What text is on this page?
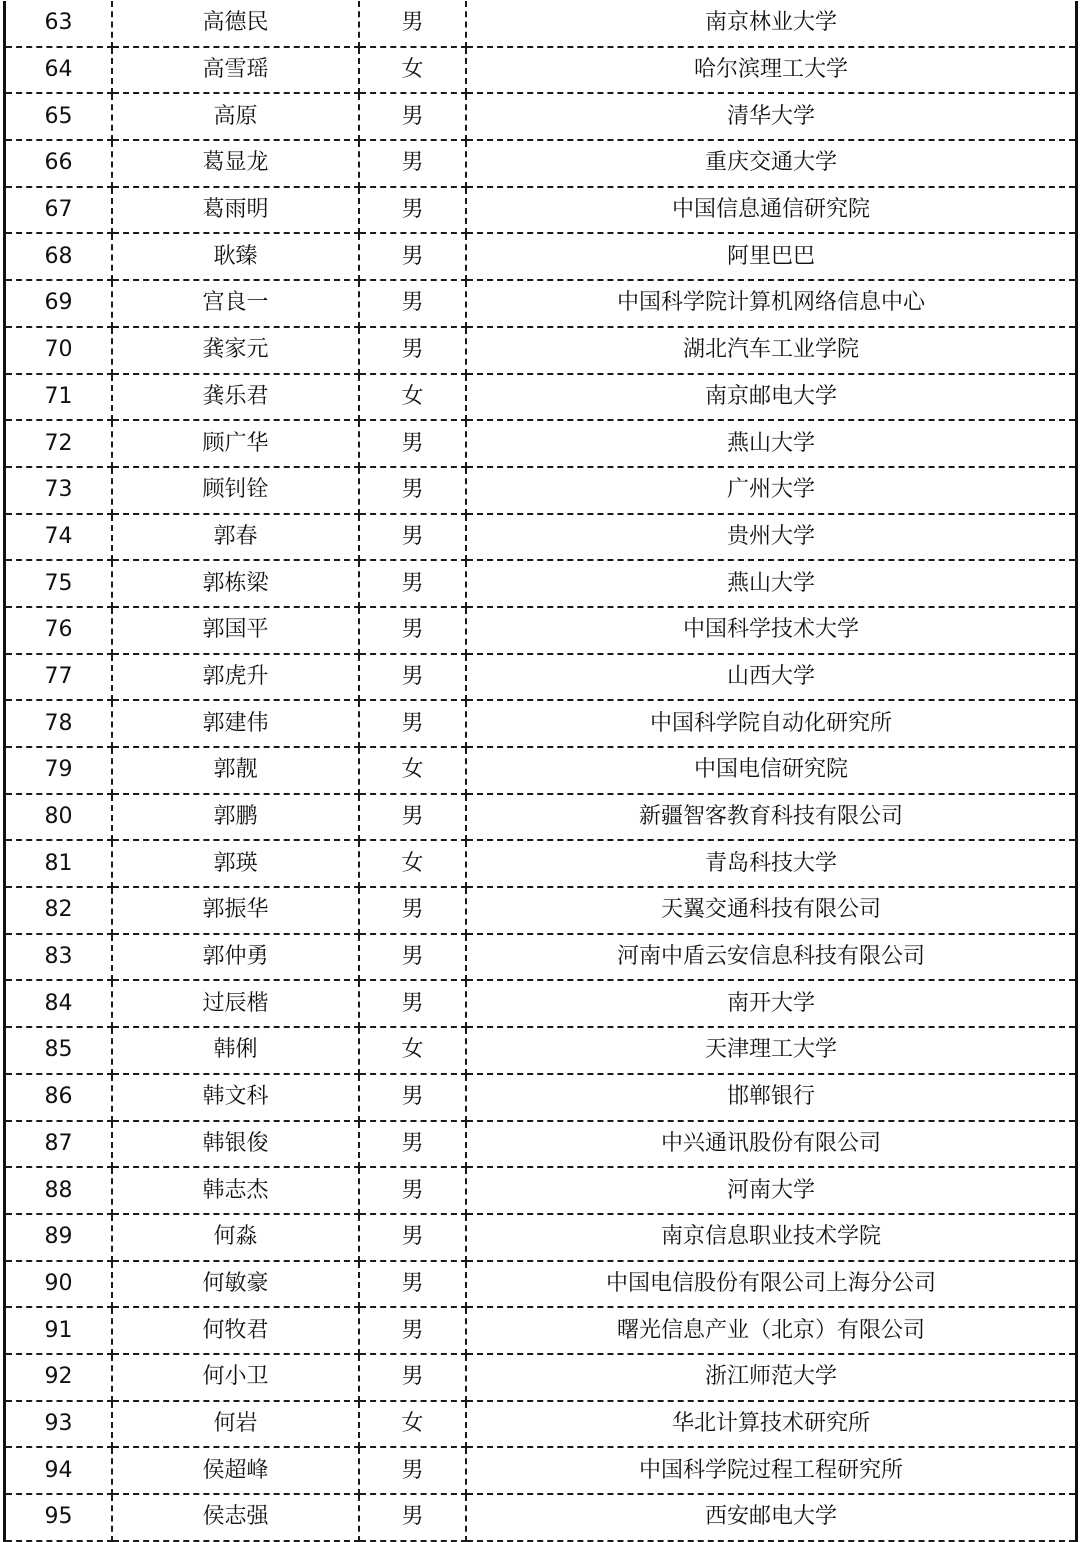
63	高德民	男	南京林业大学
64	高雪瑶	女	哈尔滨理工大学
65	高原	男	清华大学
66	葛显龙	男	重庆交通大学
67	葛雨明	男	中国信息通信研究院
68	耿臻	男	阿里巴巴
69	宫良一	男	中国科学院计算机网络信息中心
70	龚家元	男	湖北汽车工业学院
71	龚乐君	女	南京邮电大学
72	顾广华	男	燕山大学
73	顾钊铨	男	广州大学
74	郭春	男	贵州大学
75	郭栋梁	男	燕山大学
76	郭国平	男	中国科学技术大学
77	郭虎升	男	山西大学
78	郭建伟	男	中国科学院自动化研究所
79	郭靓	女	中国电信研究院
80	郭鹏	男	新疆智客教育科技有限公司
81	郭瑛	女	青岛科技大学
82	郭振华	男	天翼交通科技有限公司
83	郭仲勇	男	河南中盾云安信息科技有限公司
84	过辰楷	男	南开大学
85	韩俐	女	天津理工大学
86	韩文科	男	邯郸银行
87	韩银俊	男	中兴通讯股份有限公司
88	韩志杰	男	河南大学
89	何淼	男	南京信息职业技术学院
90	何敏豪	男	中国电信股份有限公司上海分公司
91	何牧君	男	曙光信息产业（北京）有限公司
92	何小卫	男	浙江师范大学
93	何岩	女	华北计算技术研究所
94	侯超峰	男	中国科学院过程工程研究所
95	侯志强	男	西安邮电大学
